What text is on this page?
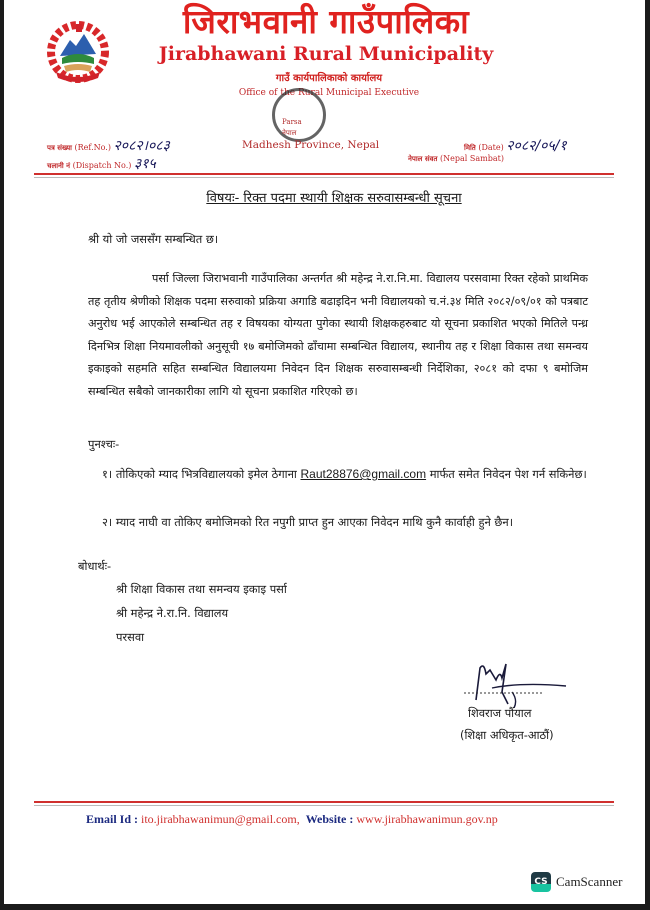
जिराभवानी गाउँपालिका
Jirabhawani Rural Municipality
गाउँ कार्यपालिकाको कार्यालय
Office of the Rural Municipal Executive
Parsa
नेपाल
Madhesh Province, Nepal
पत्र संख्या (Ref.No.) २०८२।०८३
चलानी नं (Dispatch No.) ३१५
मिति (Date) २०८२/०५/१
नेपाल संवत (Nepal Sambat)
विषयः- रिक्त पदमा स्थायी शिक्षक सरुवासम्बन्धी सूचना
श्री यो जो जससँग सम्बन्धित छ।
पर्सा जिल्ला जिराभवानी गाउँपालिका अन्तर्गत श्री महेन्द्र ने.रा.नि.मा. विद्यालय परसवामा रिक्त रहेको प्राथमिक तह तृतीय श्रेणीको शिक्षक पदमा सरुवाको प्रक्रिया अगाडि बढाइदिन भनी विद्यालयको च.नं.३४ मिति २०८२/०९/०१ को पत्रबाट अनुरोध भई आएकोले सम्बन्धित तह र विषयका योग्यता पुगेका स्थायी शिक्षकहरुबाट यो सूचना प्रकाशित भएको मितिले पन्ध्र दिनभित्र शिक्षा नियमावलीको अनुसूची १७ बमोजिमको ढाँचामा सम्बन्धित विद्यालय, स्थानीय तह र शिक्षा विकास तथा समन्वय इकाइको सहमति सहित सम्बन्धित विद्यालयमा निवेदन दिन शिक्षक सरुवासम्बन्धी निर्देशिका, २०८१ को दफा ९ बमोजिम सम्बन्धित सबैको जानकारीका लागि यो सूचना प्रकाशित गरिएको छ।
पुनश्चः-
१। तोकिएको म्याद भित्रविद्यालयको इमेल ठेगाना Raut28876@gmail.com मार्फत समेत निवेदन पेश गर्न सकिनेछ।
२। म्याद नाघी वा तोकिए बमोजिमको रित नपुगी प्राप्त हुन आएका निवेदन माथि कुनै कार्वाही हुने छैन।
बोधार्थः-
श्री शिक्षा विकास तथा समन्वय इकाइ पर्सा
श्री महेन्द्र ने.रा.नि. विद्यालय
परसवा
शिवराज पौंयाल
(शिक्षा अधिकृत-आठौं)
Email Id : ito.jirabhawanimun@gmail.com, Website : www.jirabhawanimun.gov.np
CS CamScanner
